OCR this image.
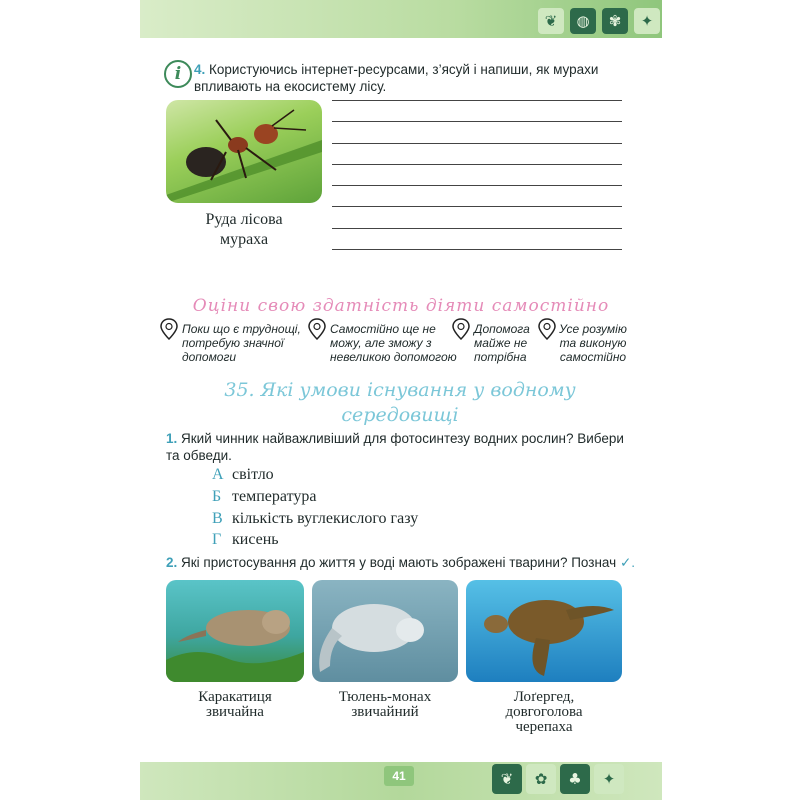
❦	◍	✾	✦
i 4. Користуючись інтернет-ресурсами, з’ясуй і напиши, як мурахи впливають на екосистему лісу.
Руда лісова
мураха
Оціни свою здатність діяти самостійно
Поки що є труднощі,
потребую значної
допомоги
Самостійно ще не
можу, але зможу з
невеликою допомогою
Допомога
майже не
потрібна
Усе розумію
та виконую
самостійно
35. Які умови існування у водному
середовищі
1. Який чинник найважливіший для фотосинтезу водних рослин? Вибери та обведи.
А світло
Б температура
В кількість вуглекислого газу
Г кисень
2. Які пристосування до життя у воді мають зображені тварини? Познач ✓.
Каракатиця
звичайна
Тюлень-монах
звичайний
Лоґергед,
довгоголова
черепаха
41	❦	✿	♣	✦
